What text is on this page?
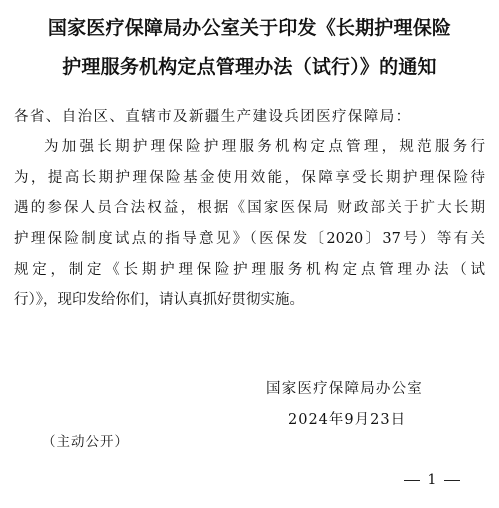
国家医疗保障局办公室关于印发《长期护理保险
护理服务机构定点管理办法（试行）》的通知
各省、自治区、直辖市及新疆生产建设兵团医疗保障局：
为加强长期护理保险护理服务机构定点管理，规范服务行
为，提高长期护理保险基金使用效能，保障享受长期护理保险待
遇的参保人员合法权益，根据《国家医保局 财政部关于扩大长期
护理保险制度试点的指导意见》（医保发〔2020〕37号）等有关
规定，制定《长期护理保险护理服务机构定点管理办法（试
行）》，现印发给你们，请认真抓好贯彻实施。
国家医疗保障局办公室
2024年9月23日
（主动公开）
1
